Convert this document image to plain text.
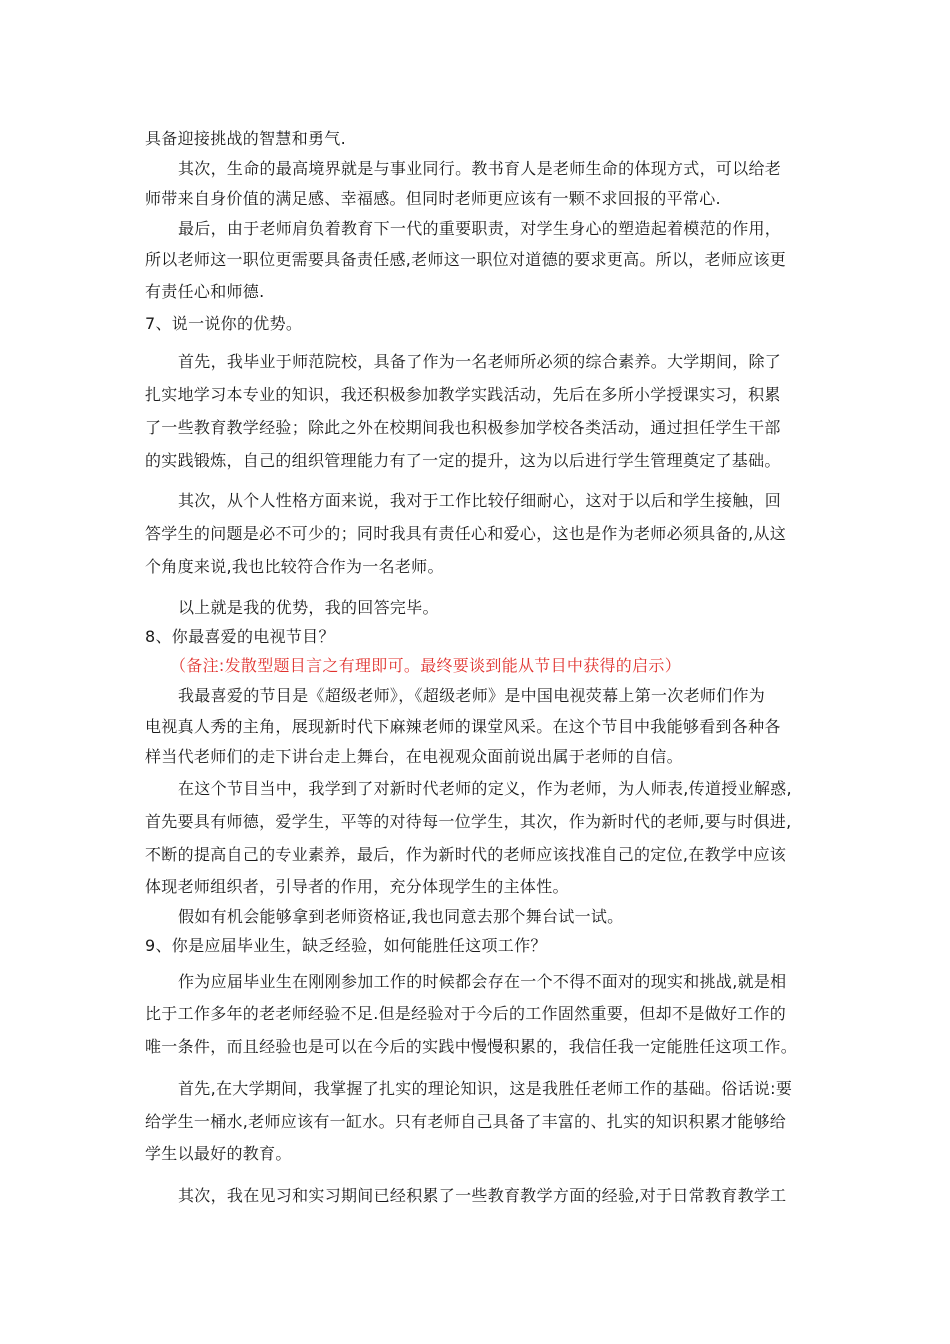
具备迎接挑战的智慧和勇气.
其次，生命的最高境界就是与事业同行。教书育人是老师生命的体现方式，可以给老
师带来自身价值的满足感、幸福感。但同时老师更应该有一颗不求回报的平常心.
最后，由于老师肩负着教育下一代的重要职责，对学生身心的塑造起着模范的作用，
所以老师这一职位更需要具备责任感,老师这一职位对道德的要求更高。所以，老师应该更
有责任心和师德.
7、说一说你的优势。
首先，我毕业于师范院校，具备了作为一名老师所必须的综合素养。大学期间，除了
扎实地学习本专业的知识，我还积极参加教学实践活动，先后在多所小学授课实习，积累
了一些教育教学经验；除此之外在校期间我也积极参加学校各类活动，通过担任学生干部
的实践锻炼，自己的组织管理能力有了一定的提升，这为以后进行学生管理奠定了基础。
其次，从个人性格方面来说，我对于工作比较仔细耐心，这对于以后和学生接触，回
答学生的问题是必不可少的；同时我具有责任心和爱心，这也是作为老师必须具备的,从这
个角度来说,我也比较符合作为一名老师。
以上就是我的优势，我的回答完毕。
8、你最喜爱的电视节目？
（备注:发散型题目言之有理即可。最终要谈到能从节目中获得的启示）
我最喜爱的节目是《超级老师》，《超级老师》是中国电视荧幕上第一次老师们作为
电视真人秀的主角，展现新时代下麻辣老师的课堂风采。在这个节目中我能够看到各种各
样当代老师们的走下讲台走上舞台，在电视观众面前说出属于老师的自信。
在这个节目当中，我学到了对新时代老师的定义，作为老师，为人师表,传道授业解惑,
首先要具有师德，爱学生，平等的对待每一位学生，其次，作为新时代的老师,要与时俱进,
不断的提高自己的专业素养，最后，作为新时代的老师应该找准自己的定位,在教学中应该
体现老师组织者，引导者的作用，充分体现学生的主体性。
假如有机会能够拿到老师资格证,我也同意去那个舞台试一试。
9、你是应届毕业生，缺乏经验，如何能胜任这项工作？
作为应届毕业生在刚刚参加工作的时候都会存在一个不得不面对的现实和挑战,就是相
比于工作多年的老老师经验不足.但是经验对于今后的工作固然重要，但却不是做好工作的
唯一条件，而且经验也是可以在今后的实践中慢慢积累的，我信任我一定能胜任这项工作。
首先,在大学期间，我掌握了扎实的理论知识，这是我胜任老师工作的基础。俗话说:要
给学生一桶水,老师应该有一缸水。只有老师自己具备了丰富的、扎实的知识积累才能够给
学生以最好的教育。
其次，我在见习和实习期间已经积累了一些教育教学方面的经验,对于日常教育教学工
